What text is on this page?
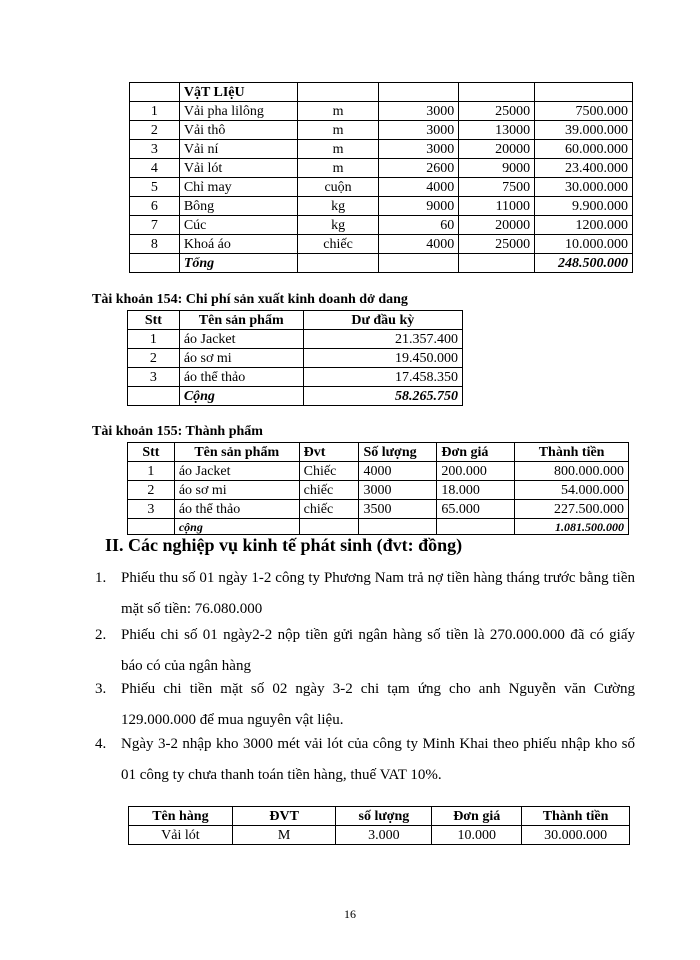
	VậT LIệU				
1	Vải pha lilông	m	3000	25000	7500.000
2	Vải thô	m	3000	13000	39.000.000
3	Vải ní	m	3000	20000	60.000.000
4	Vải lót	m	2600	9000	23.400.000
5	Chỉ may	cuộn	4000	7500	30.000.000
6	Bông	kg	9000	11000	9.900.000
7	Cúc	kg	60	20000	1200.000
8	Khoá áo	chiếc	4000	25000	10.000.000
	Tổng				248.500.000
Tài khoản 154: Chi phí sản xuất kinh doanh dở dang
Stt	Tên sản phẩm	Dư đầu kỳ
1	áo Jacket	21.357.400
2	áo sơ mi	19.450.000
3	áo thể thảo	17.458.350
	Cộng	58.265.750
Tài khoản 155: Thành phẩm
Stt	Tên sản phẩm	Đvt	Số lượng	Đơn giá	Thành tiền
1	áo Jacket	Chiếc	4000	200.000	800.000.000
2	áo sơ mi	chiếc	3000	18.000	54.000.000
3	áo thể thảo	chiếc	3500	65.000	227.500.000
	cộng				1.081.500.000
II. Các nghiệp vụ kinh tế phát sinh (đvt: đồng)
1. Phiếu thu số 01 ngày 1-2 công ty Phương Nam trả nợ tiền hàng tháng trước bằng tiền mặt số tiền: 76.080.000
2. Phiếu chi số 01 ngày2-2 nộp tiền gửi ngân hàng số tiền là 270.000.000 đã có giấy báo có của ngân hàng
3. Phiếu chi tiền mặt số 02 ngày 3-2 chi tạm ứng cho anh Nguyễn văn Cường 129.000.000 để mua nguyên vật liệu.
4. Ngày 3-2 nhập kho 3000 mét vải lót của công ty Minh Khai theo phiếu nhập kho số 01 công ty chưa thanh toán tiền hàng, thuế VAT 10%.
Tên hàng	ĐVT	số lượng	Đơn giá	Thành tiền
Vải lót	M	3.000	10.000	30.000.000
16
